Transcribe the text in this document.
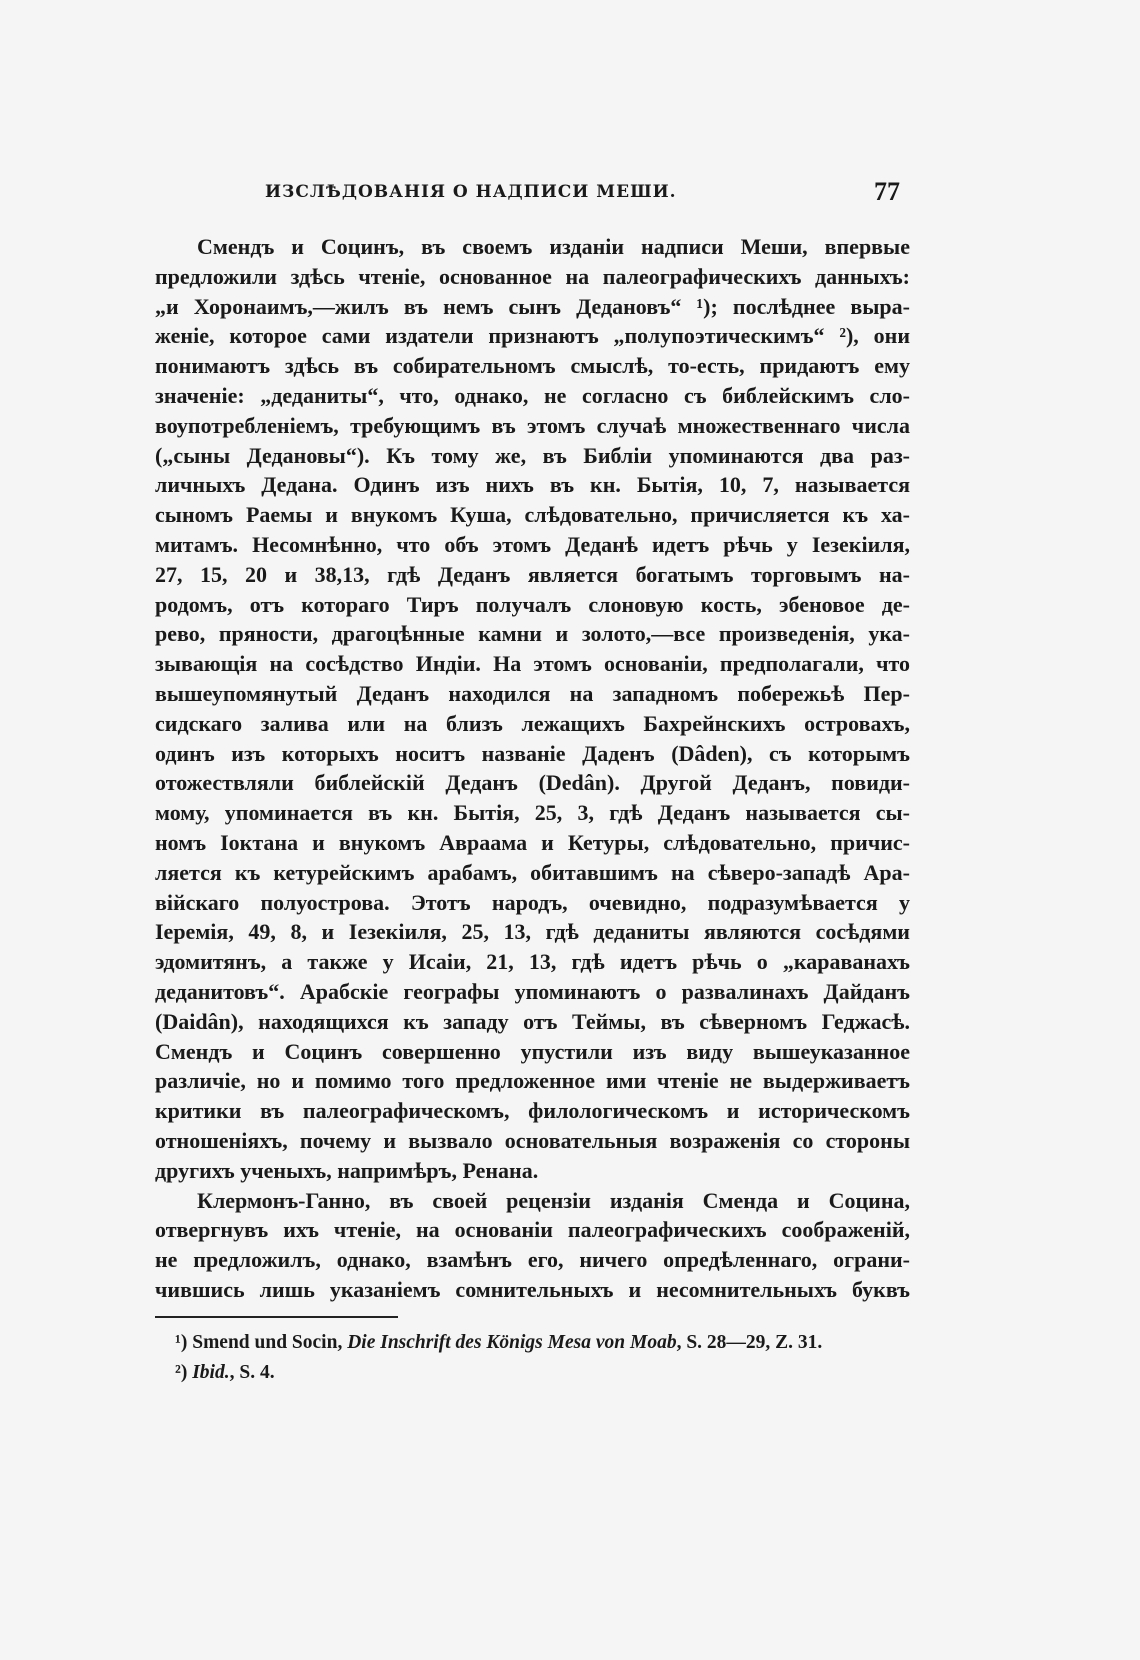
ИЗСЛѢДОВАНІЯ О НАДПИСИ МЕШИ.	77
Смендъ и Социнъ, въ своемъ изданіи надписи Меши, впервые
предложили здѣсь чтеніе, основанное на палеографическихъ данныхъ:
„и Хоронаимъ,—жилъ въ немъ сынъ Дедановъ“ ¹); послѣднее выра-
женіе, которое сами издатели признаютъ „полупоэтическимъ“ ²), они
понимаютъ здѣсь въ собирательномъ смыслѣ, то-есть, придаютъ ему
значеніе: „деданиты“, что, однако, не согласно съ библейскимъ сло-
воупотребленіемъ, требующимъ въ этомъ случаѣ множественнаго числа
(„сыны Дедановы“). Къ тому же, въ Библіи упоминаются два раз-
личныхъ Дедана. Одинъ изъ нихъ въ кн. Бытія, 10, 7, называется
сыномъ Раемы и внукомъ Куша, слѣдовательно, причисляется къ ха-
митамъ. Несомнѣнно, что объ этомъ Деданѣ идетъ рѣчь у Іезекіиля,
27, 15, 20 и 38,13, гдѣ Деданъ является богатымъ торговымъ на-
родомъ, отъ котораго Тиръ получалъ слоновую кость, эбеновое де-
рево, пряности, драгоцѣнные камни и золото,—все произведенія, ука-
зывающія на сосѣдство Индіи. На этомъ основаніи, предполагали, что
вышеупомянутый Деданъ находился на западномъ побережьѣ Пер-
сидскаго залива или на близъ лежащихъ Бахрейнскихъ островахъ,
одинъ изъ которыхъ носитъ названіе Даденъ (Dâden), съ которымъ
отожествляли библейскій Деданъ (Dedân). Другой Деданъ, повиди-
мому, упоминается въ кн. Бытія, 25, 3, гдѣ Деданъ называется сы-
номъ Іоктана и внукомъ Авраама и Кетуры, слѣдовательно, причис-
ляется къ кетурейскимъ арабамъ, обитавшимъ на сѣверо-западѣ Ара-
війскаго полуострова. Этотъ народъ, очевидно, подразумѣвается у
Іеремія, 49, 8, и Іезекіиля, 25, 13, гдѣ деданиты являются сосѣдями
эдомитянъ, а также у Исаіи, 21, 13, гдѣ идетъ рѣчь о „караванахъ
деданитовъ“. Арабскіе географы упоминаютъ о развалинахъ Дайданъ
(Daidân), находящихся къ западу отъ Теймы, въ сѣверномъ Геджасѣ.
Смендъ и Социнъ совершенно упустили изъ виду вышеуказанное
различіе, но и помимо того предложенное ими чтеніе не выдерживаетъ
критики въ палеографическомъ, филологическомъ и историческомъ
отношеніяхъ, почему и вызвало основательныя возраженія со стороны
другихъ ученыхъ, напримѣръ, Ренана.
Клермонъ-Ганно, въ своей рецензіи изданія Сменда и Социна,
отвергнувъ ихъ чтеніе, на основаніи палеографическихъ соображеній,
не предложилъ, однако, взамѣнъ его, ничего опредѣленнаго, ограни-
чившись лишь указаніемъ сомнительныхъ и несомнительныхъ буквъ
¹) Smend und Socin, Die Inschrift des Königs Mesa von Moab, S. 28—29, Z. 31.
²) Ibid., S. 4.
